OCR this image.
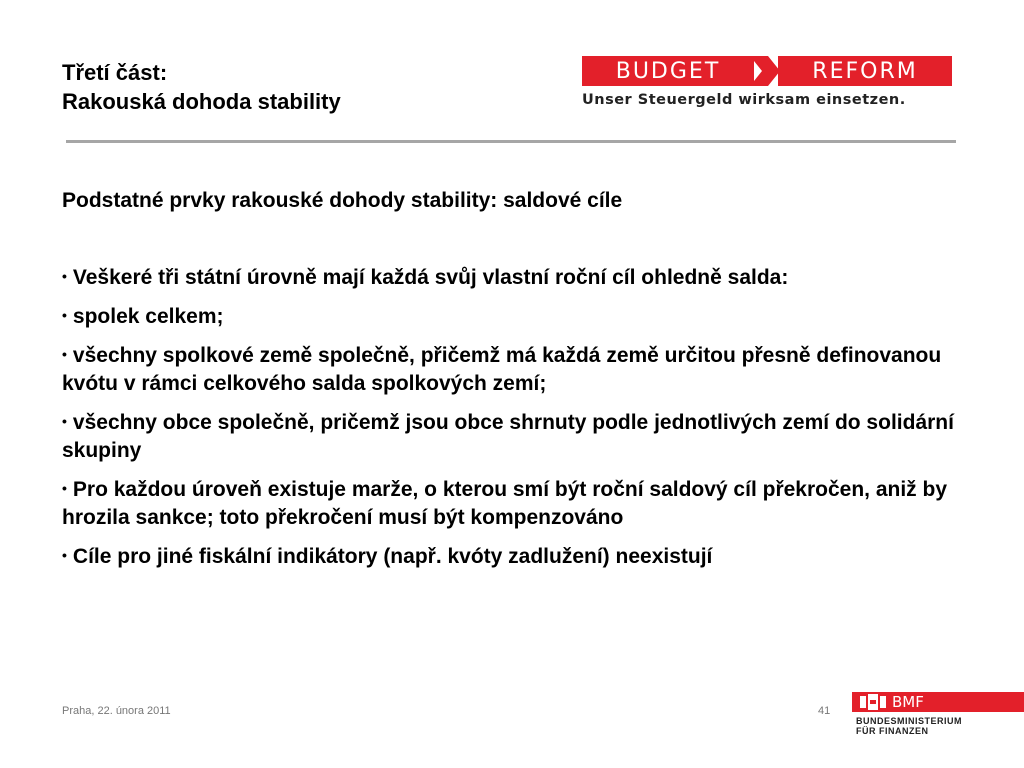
Třetí část:
Rakouská dohoda stability
BUDGET	REFORM
Unser Steuergeld wirksam einsetzen.
Podstatné prvky rakouské dohody stability: saldové cíle
• Veškeré tři státní úrovně mají každá svůj vlastní roční cíl ohledně salda:
• spolek celkem;
• všechny spolkové země společně, přičemž má každá země určitou přesně definovanou kvótu v rámci celkového salda spolkových zemí;
• všechny obce společně, pričemž jsou obce shrnuty podle jednotlivých zemí do solidární skupiny
• Pro každou úroveň existuje marže, o kterou smí být roční saldový cíl překročen, aniž by hrozila sankce; toto překročení musí být kompenzováno
• Cíle pro jiné fiskální indikátory (např. kvóty zadlužení) neexistují
Praha, 22. února 2011	41	BMF
BUNDESMINISTERIUM
FÜR FINANZEN
